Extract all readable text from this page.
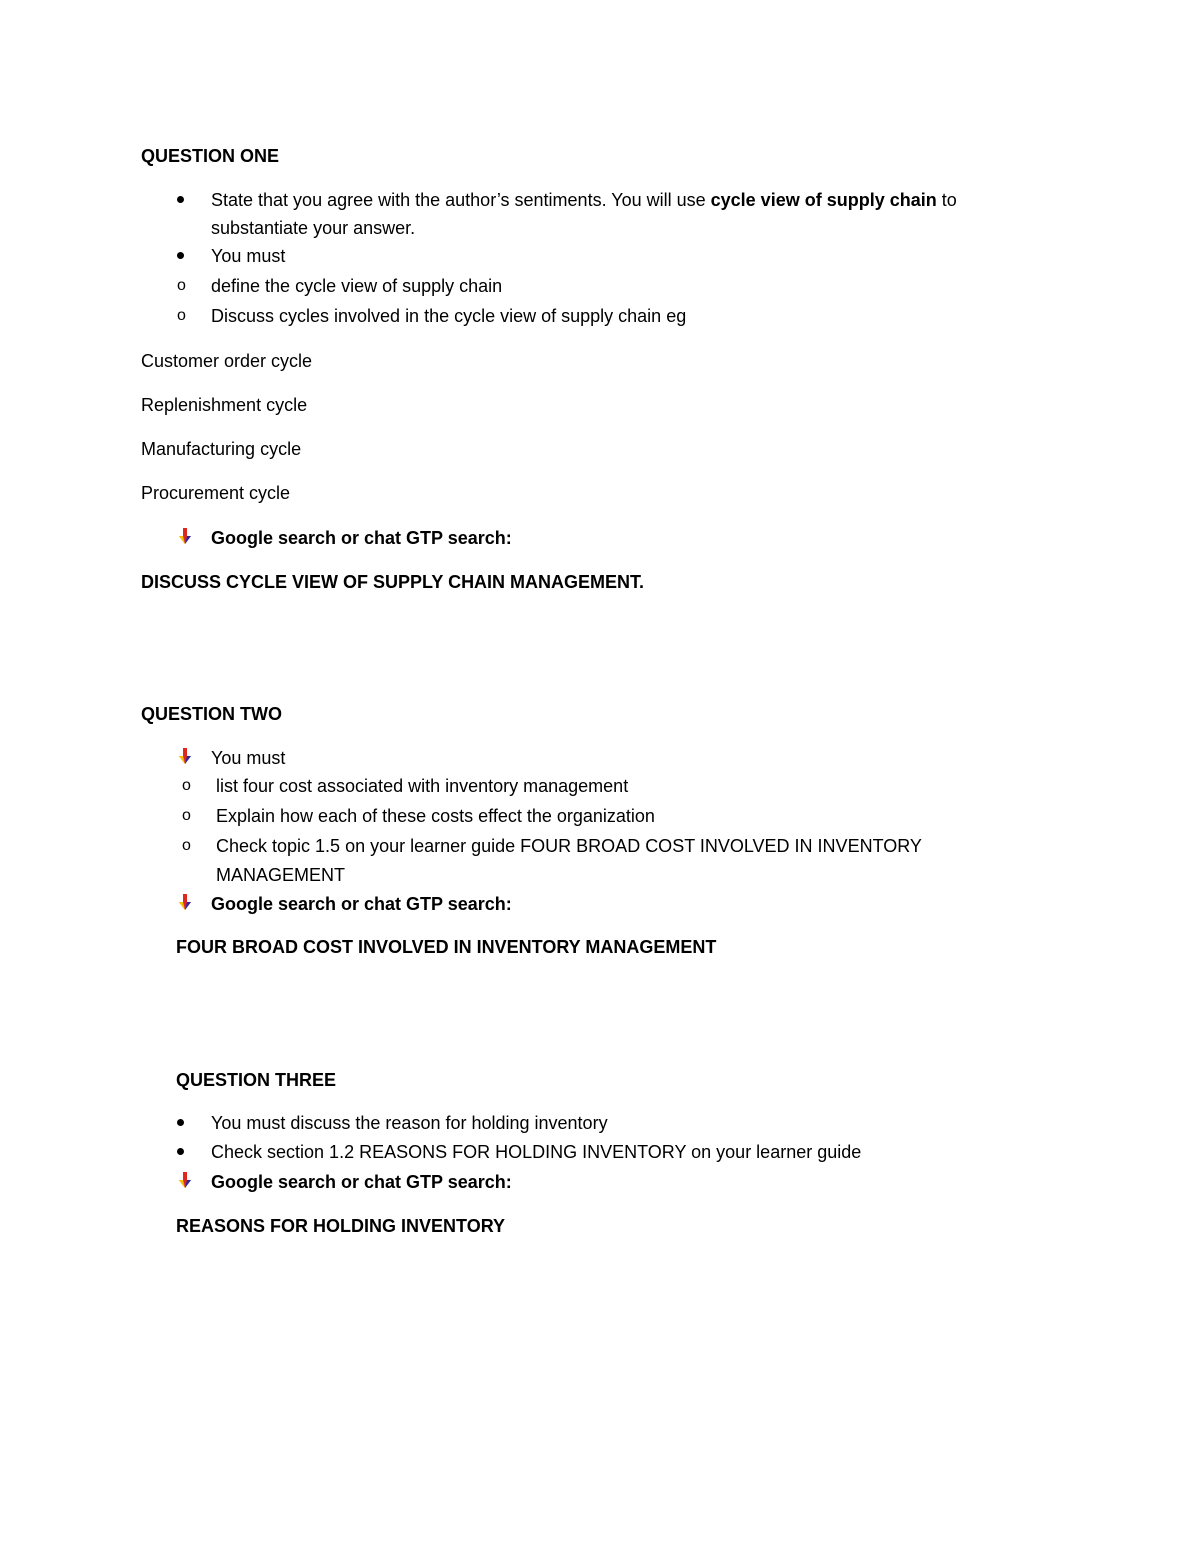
QUESTION ONE
State that you agree with the author’s sentiments. You will use cycle view of supply chain to
substantiate your answer.
You must
o define the cycle view of supply chain
o Discuss cycles involved in the cycle view of supply chain eg
Customer order cycle
Replenishment cycle
Manufacturing cycle
Procurement cycle
Google search or chat GTP search:
DISCUSS CYCLE VIEW OF SUPPLY CHAIN MANAGEMENT.
QUESTION TWO
You must
o list four cost associated with inventory management
o Explain how each of these costs effect the organization
o Check topic 1.5 on your learner guide FOUR BROAD COST INVOLVED IN INVENTORY
MANAGEMENT
Google search or chat GTP search:
FOUR BROAD COST INVOLVED IN INVENTORY MANAGEMENT
QUESTION THREE
You must discuss the reason for holding inventory
Check section 1.2 REASONS FOR HOLDING INVENTORY on your learner guide
Google search or chat GTP search:
REASONS FOR HOLDING INVENTORY
